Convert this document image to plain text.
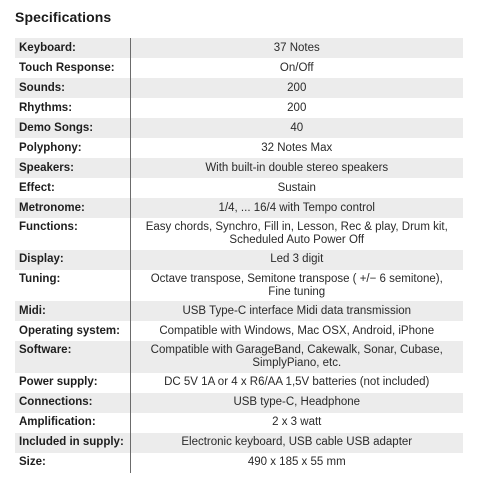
Specifications
Keyboard:	37 Notes
Touch Response:	On/Off
Sounds:	200
Rhythms:	200
Demo Songs:	40
Polyphony:	32 Notes Max
Speakers:	With built-in double stereo speakers
Effect:	Sustain
Metronome:	1/4, ... 16/4 with Tempo control
Functions:	Easy chords, Synchro, Fill in, Lesson, Rec & play, Drum kit,
Scheduled Auto Power Off
Display:	Led 3 digit
Tuning:	Octave transpose, Semitone transpose ( +/− 6 semitone),
Fine tuning
Midi:	USB Type-C interface Midi data transmission
Operating system:	Compatible with Windows, Mac OSX, Android, iPhone
Software:	Compatible with GarageBand, Cakewalk, Sonar, Cubase,
SimplyPiano, etc.
Power supply:	DC 5V 1A or 4 x R6/AA 1,5V batteries (not included)
Connections:	USB type-C, Headphone
Amplification:	2 x 3 watt
Included in supply:	Electronic keyboard, USB cable USB adapter
Size:	490 x 185 x 55 mm
